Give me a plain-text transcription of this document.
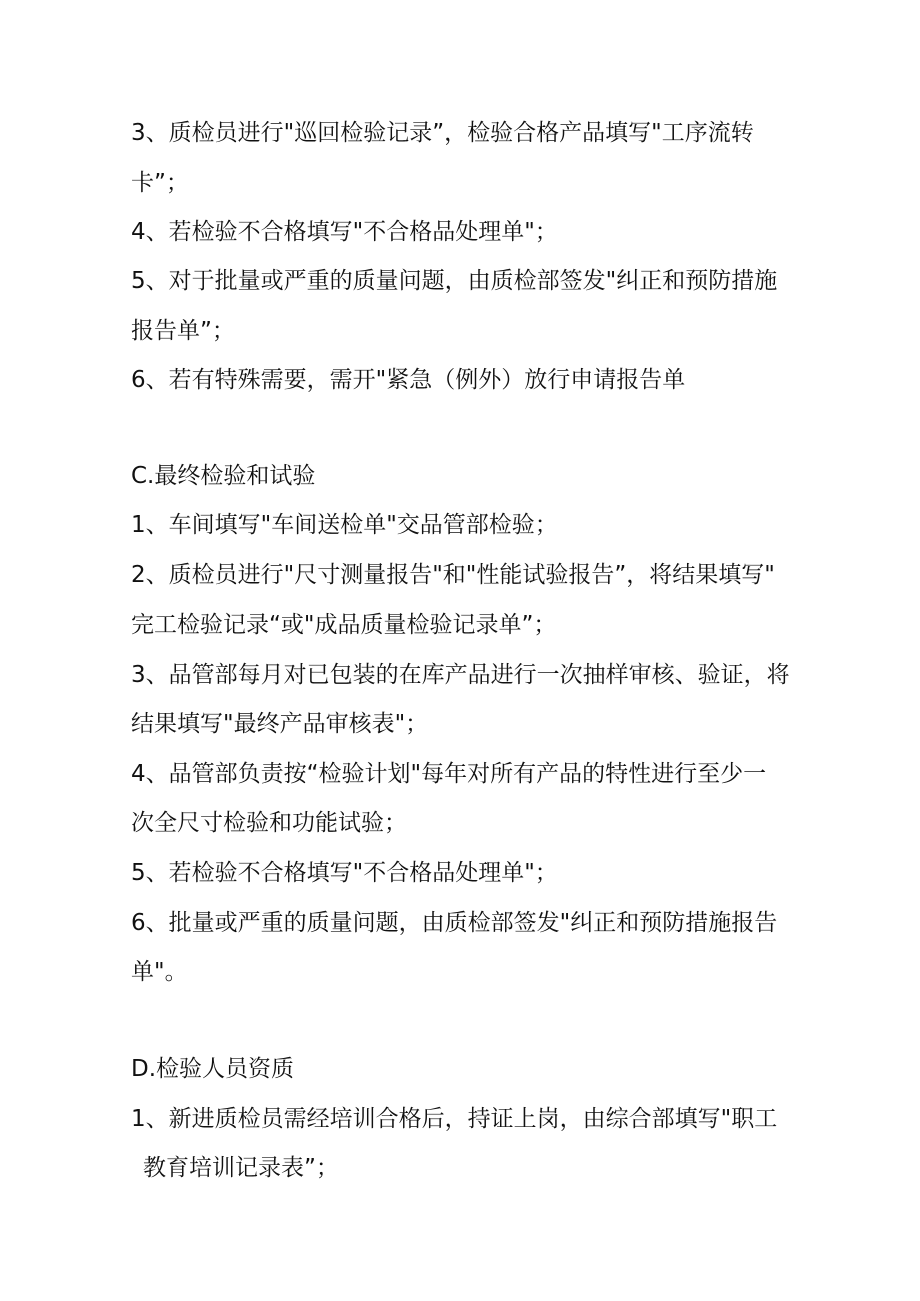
3、质检员进行"巡回检验记录”，检验合格产品填写"工序流转
卡”；
4、若检验不合格填写"不合格品处理单"；
5、对于批量或严重的质量问题，由质检部签发"纠正和预防措施
报告单”；
6、若有特殊需要，需开"紧急（例外）放行申请报告单
C.最终检验和试验
1、车间填写"车间送检单"交品管部检验；
2、质检员进行"尺寸测量报告"和"性能试验报告”，将结果填写"
完工检验记录“或"成品质量检验记录单”；
3、品管部每月对已包装的在库产品进行一次抽样审核、验证，将
结果填写"最终产品审核表"；
4、品管部负责按“检验计划"每年对所有产品的特性进行至少一
次全尺寸检验和功能试验；
5、若检验不合格填写"不合格品处理单"；
6、批量或严重的质量问题，由质检部签发"纠正和预防措施报告
单"。
D.检验人员资质
1、新进质检员需经培训合格后，持证上岗，由综合部填写"职工
教育培训记录表”；
